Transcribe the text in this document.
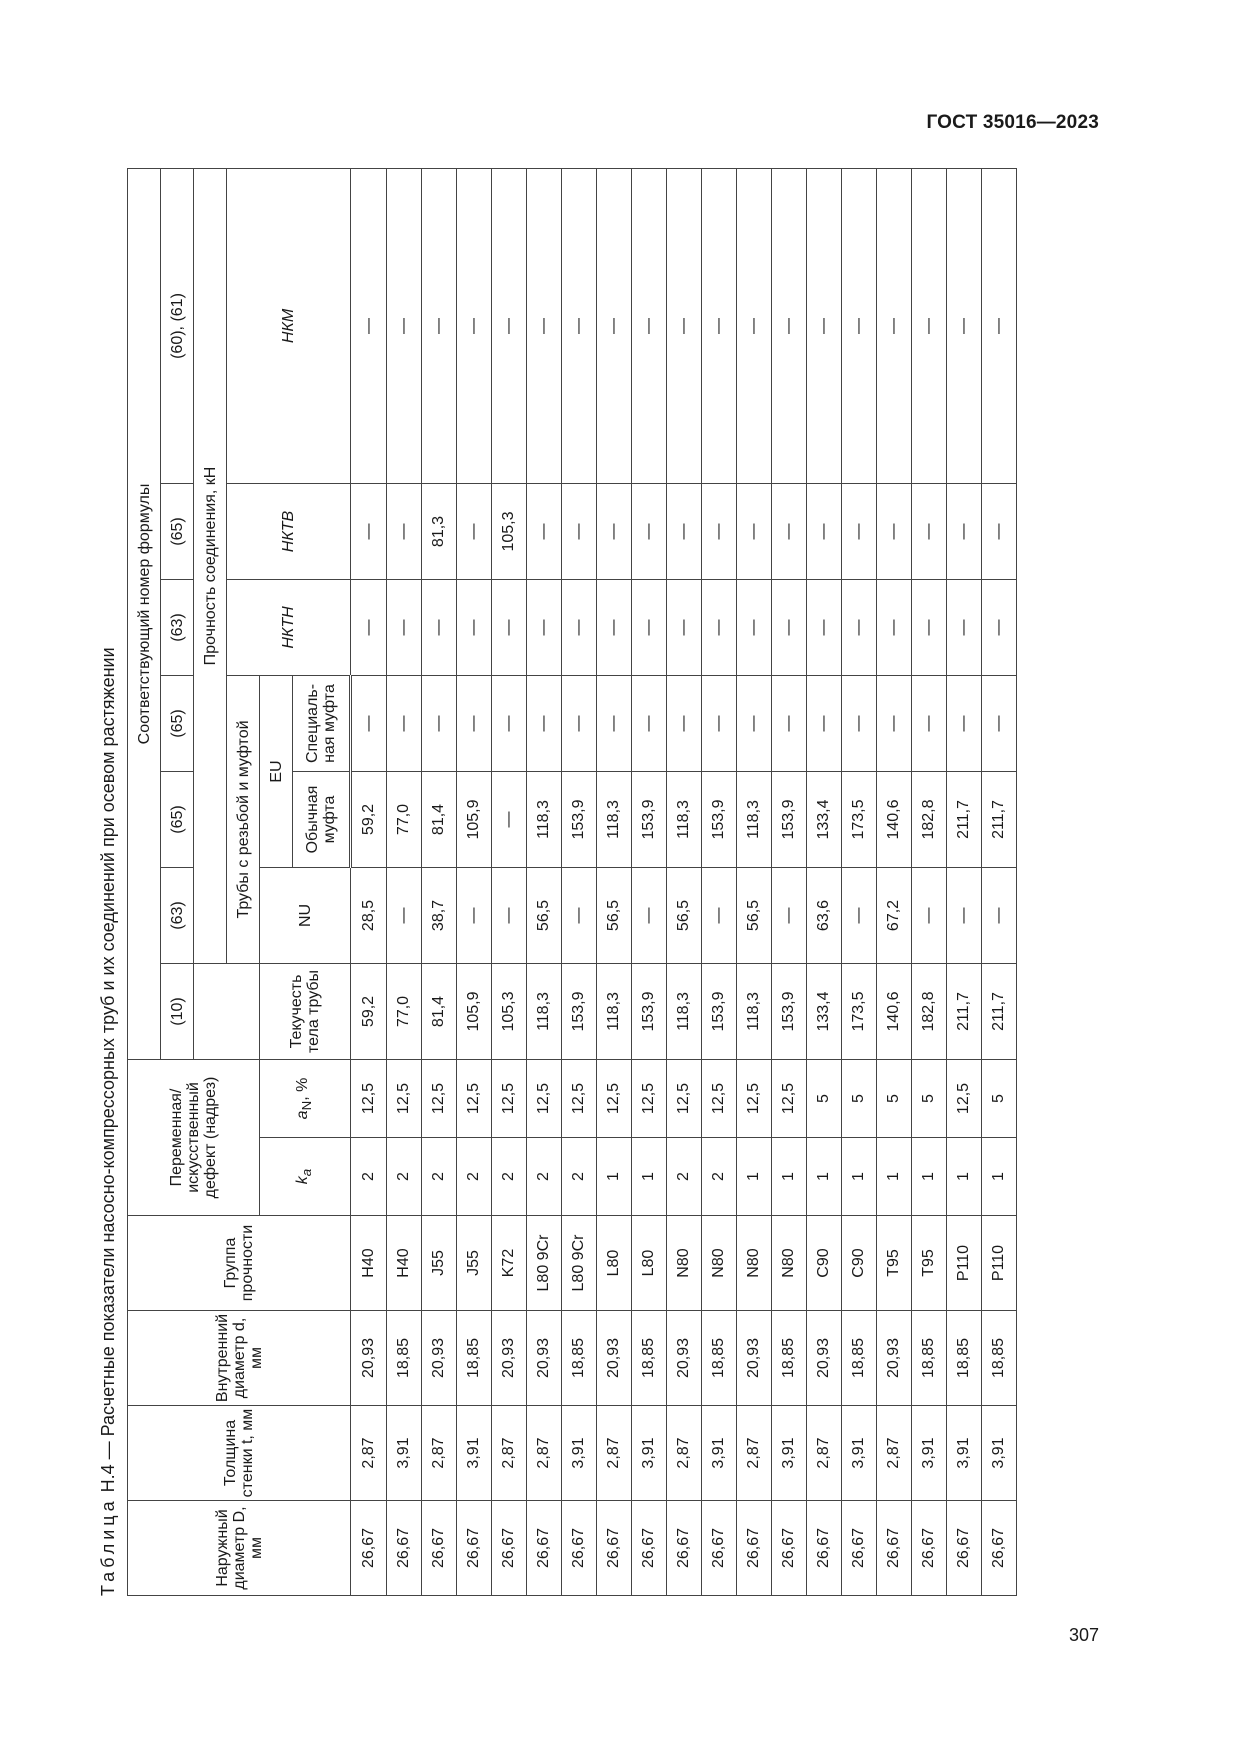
ГОСТ 35016—2023
Таблица Н.4 — Расчетные показатели насосно-компрессорных труб и их соединений при осевом растяжении
Наружный диаметр D, мм	Толщина стенки t, мм	Внутренний диаметр d, мм	Группа прочности	Переменная/ искусственный дефект (надрез)		Соответствующий номер формулы						
						(10)	(63)	(65)	(65)	(63)	(65)	(60), (61)
							Прочность соединения, кН					
							Трубы с резьбой и муфтой			НКТН	НКТВ	НКМ
				$k_а$	$a_N$, %	Текучесть тела трубы	NU	EU				
								Обычная муфта	Специаль- ная муфта			
26,67	2,87	20,93	Н40	2	12,5	59,2	28,5	59,2	—	—	—	—
26,67	3,91	18,85	Н40	2	12,5	77,0	—	77,0	—	—	—	—
26,67	2,87	20,93	J55	2	12,5	81,4	38,7	81,4	—	—	81,3	—
26,67	3,91	18,85	J55	2	12,5	105,9	—	105,9	—	—	—	—
26,67	2,87	20,93	K72	2	12,5	105,3	—	—	—	—	105,3	—
26,67	2,87	20,93	L80 9Cr	2	12,5	118,3	56,5	118,3	—	—	—	—
26,67	3,91	18,85	L80 9Cr	2	12,5	153,9	—	153,9	—	—	—	—
26,67	2,87	20,93	L80	1	12,5	118,3	56,5	118,3	—	—	—	—
26,67	3,91	18,85	L80	1	12,5	153,9	—	153,9	—	—	—	—
26,67	2,87	20,93	N80	2	12,5	118,3	56,5	118,3	—	—	—	—
26,67	3,91	18,85	N80	2	12,5	153,9	—	153,9	—	—	—	—
26,67	2,87	20,93	N80	1	12,5	118,3	56,5	118,3	—	—	—	—
26,67	3,91	18,85	N80	1	12,5	153,9	—	153,9	—	—	—	—
26,67	2,87	20,93	C90	1	5	133,4	63,6	133,4	—	—	—	—
26,67	3,91	18,85	C90	1	5	173,5	—	173,5	—	—	—	—
26,67	2,87	20,93	T95	1	5	140,6	67,2	140,6	—	—	—	—
26,67	3,91	18,85	T95	1	5	182,8	—	182,8	—	—	—	—
26,67	3,91	18,85	P110	1	12,5	211,7	—	211,7	—	—	—	—
26,67	3,91	18,85	P110	1	5	211,7	—	211,7	—	—	—	—
307
